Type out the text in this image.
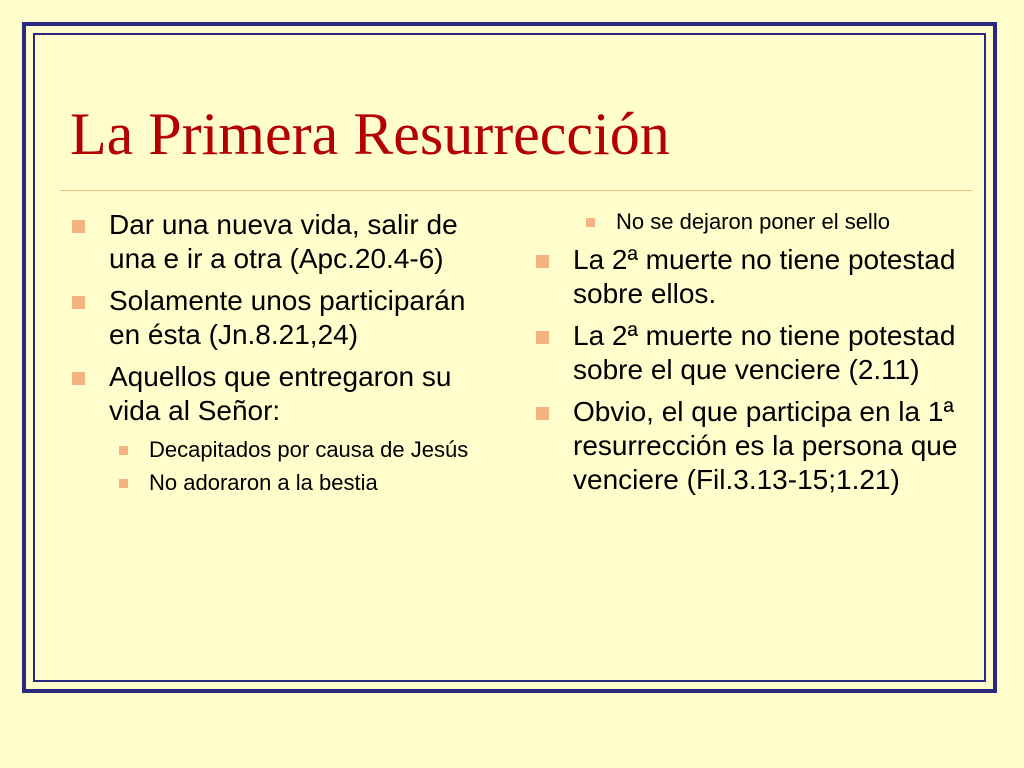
La Primera Resurrección
Dar una nueva vida, salir de una e ir a otra (Apc.20.4-6)
Solamente unos participarán en ésta (Jn.8.21,24)
Aquellos que entregaron su vida al Señor:
Decapitados por causa de Jesús
No adoraron a la bestia
No se dejaron poner el sello
La 2ª muerte no tiene potestad sobre ellos.
La 2ª muerte no tiene potestad sobre el que venciere (2.11)
Obvio, el que participa en la 1ª resurrección es la persona que venciere (Fil.3.13-15;1.21)
